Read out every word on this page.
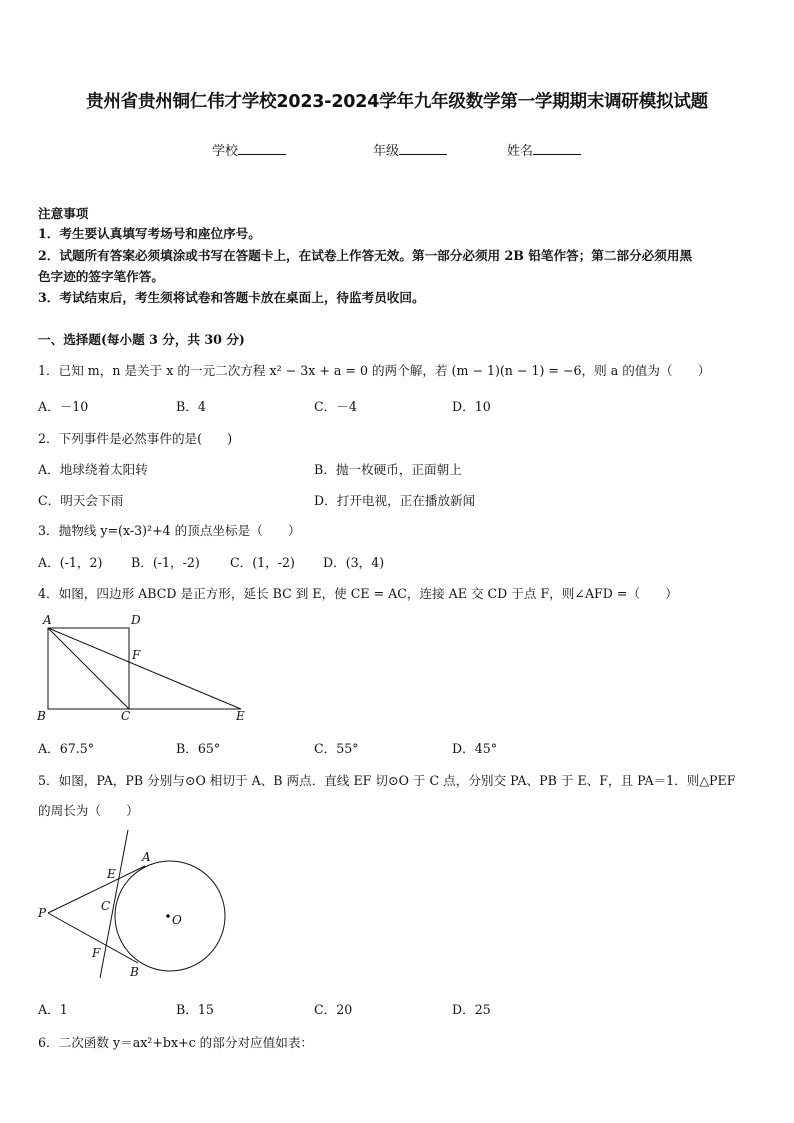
贵州省贵州铜仁伟才学校2023-2024学年九年级数学第一学期期末调研模拟试题
学校	年级	姓名
注意事项
1．考生要认真填写考场号和座位序号。
2．试题所有答案必须填涂或书写在答题卡上，在试卷上作答无效。第一部分必须用 2B 铅笔作答；第二部分必须用黑
色字迹的签字笔作答。
3．考试结束后，考生须将试卷和答题卡放在桌面上，待监考员收回。
一、选择题(每小题 3 分，共 30 分)
1．已知 m，n 是关于 x 的一元二次方程 x² − 3x + a = 0 的两个解，若 (m − 1)(n − 1) = −6，则 a 的值为（　　）
A．－10	B．4	C．－4	D．10
2．下列事件是必然事件的是(　　)
A．地球绕着太阳转	B．抛一枚硬币，正面朝上
C．明天会下雨	D．打开电视，正在播放新闻
3．抛物线 y=(x-3)²+4 的顶点坐标是（　　）
A．(-1，2) B．(-1，-2) C．(1，-2) D．(3，4)
4．如图，四边形 ABCD 是正方形，延长 BC 到 E，使 CE = AC，连接 AE 交 CD 于点 F，则∠AFD =（　　）
A	D
F
B	C	E
A．67.5°	B．65°	C．55°	D．45°
5．如图，PA，PB 分别与⊙O 相切于 A、B 两点．直线 EF 切⊙O 于 C 点，分别交 PA、PB 于 E、F，且 PA＝1．则△PEF
的周长为（　　）
P
A
E
C
O
F
B
A．1	B．15	C．20	D．25
6．二次函数 y＝ax²+bx+c 的部分对应值如表：
